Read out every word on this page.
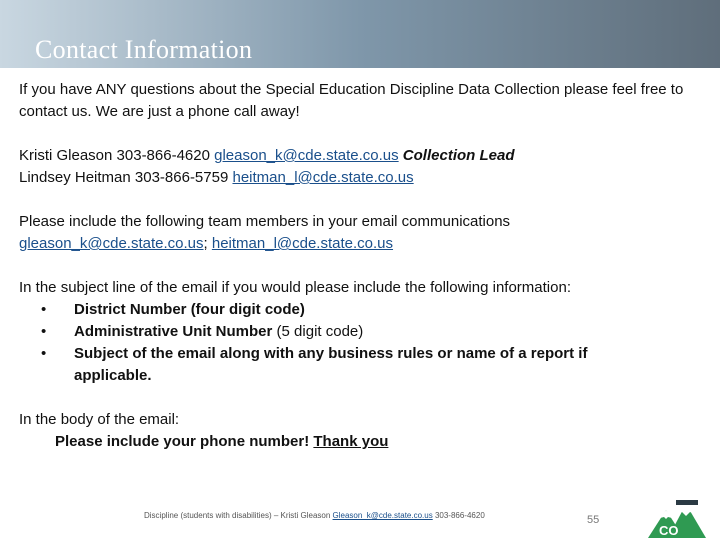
Contact Information

If you have ANY questions about the Special Education Discipline Data Collection please feel free to contact us. We are just a phone call away!

Kristi Gleason 303-866-4620 gleason_k@cde.state.co.us Collection Lead

Lindsey Heitman 303-866-5759 heitman_l@cde.state.co.us

Please include the following team members in your email communications

gleason_k@cde.state.co.us; heitman_l@cde.state.co.us

In the subject line of the email if you would please include the following information:

• District Number (four digit code)
• Administrative Unit Number (5 digit code)
• Subject of the email along with any business rules or name of a report if
applicable.

In the body of the email:

Please include your phone number! Thank you

Discipline (students with disabilities) – Kristi Gleason Gleason_k@cde.state.co.us 303-866-4620	55
CO
